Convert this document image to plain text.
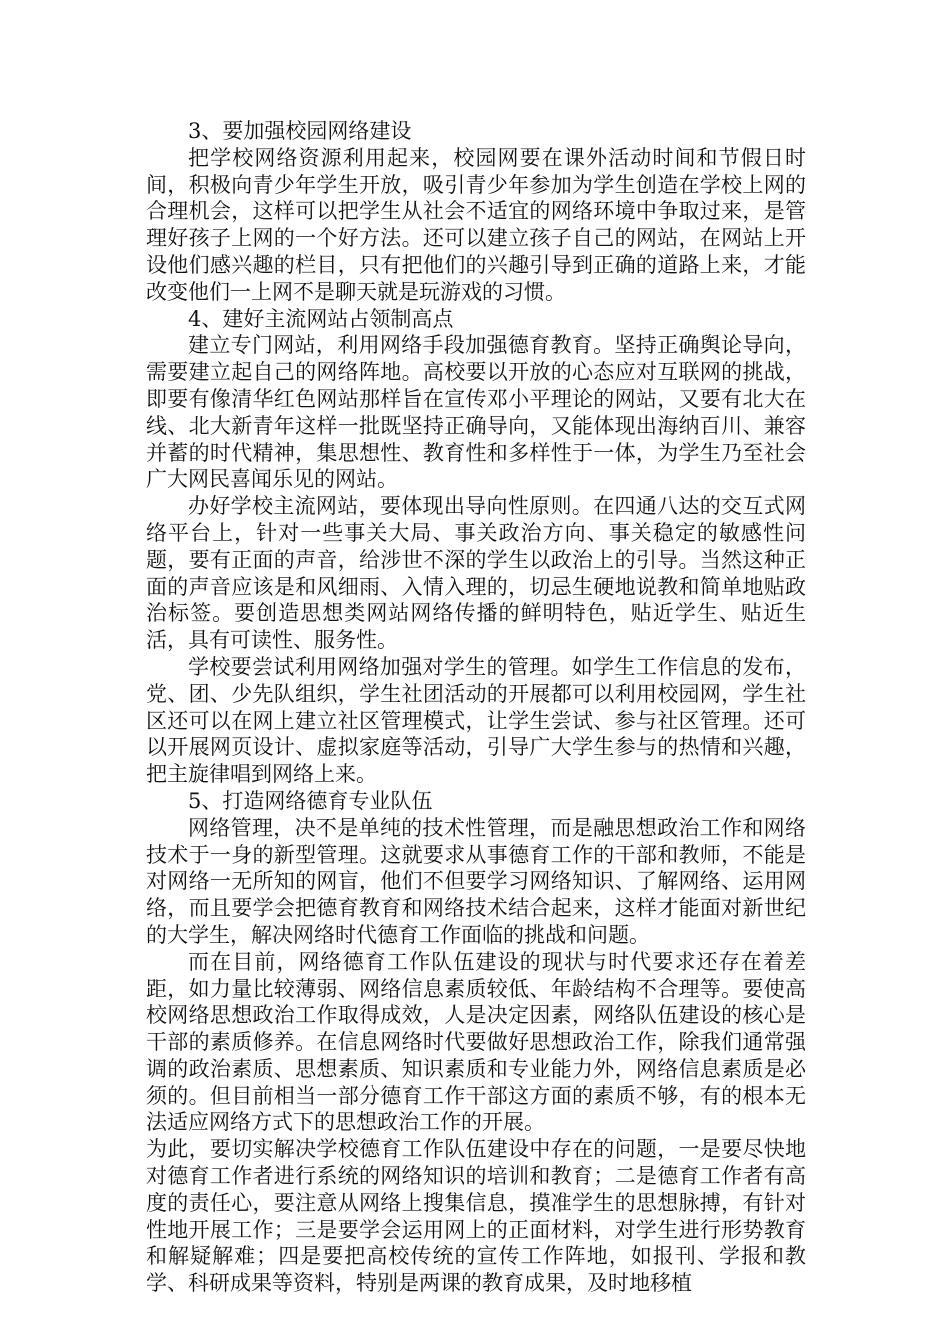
3、要加强校园网络建设

把学校网络资源利用起来，校园网要在课外活动时间和节假日时间，积极向青少年学生开放，吸引青少年参加为学生创造在学校上网的合理机会，这样可以把学生从社会不适宜的网络环境中争取过来，是管理好孩子上网的一个好方法。还可以建立孩子自己的网站，在网站上开设他们感兴趣的栏目，只有把他们的兴趣引导到正确的道路上来，才能改变他们一上网不是聊天就是玩游戏的习惯。

4、建好主流网站占领制高点

建立专门网站，利用网络手段加强德育教育。坚持正确舆论导向，需要建立起自己的网络阵地。高校要以开放的心态应对互联网的挑战，即要有像清华红色网站那样旨在宣传邓小平理论的网站，又要有北大在线、北大新青年这样一批既坚持正确导向，又能体现出海纳百川、兼容并蓄的时代精神，集思想性、教育性和多样性于一体，为学生乃至社会广大网民喜闻乐见的网站。

办好学校主流网站，要体现出导向性原则。在四通八达的交互式网络平台上，针对一些事关大局、事关政治方向、事关稳定的敏感性问题，要有正面的声音，给涉世不深的学生以政治上的引导。当然这种正面的声音应该是和风细雨、入情入理的，切忌生硬地说教和简单地贴政治标签。要创造思想类网站网络传播的鲜明特色，贴近学生、贴近生活，具有可读性、服务性。

学校要尝试利用网络加强对学生的管理。如学生工作信息的发布，党、团、少先队组织，学生社团活动的开展都可以利用校园网，学生社区还可以在网上建立社区管理模式，让学生尝试、参与社区管理。还可以开展网页设计、虚拟家庭等活动，引导广大学生参与的热情和兴趣，把主旋律唱到网络上来。

5、打造网络德育专业队伍

网络管理，决不是单纯的技术性管理，而是融思想政治工作和网络技术于一身的新型管理。这就要求从事德育工作的干部和教师，不能是对网络一无所知的网盲，他们不但要学习网络知识、了解网络、运用网络，而且要学会把德育教育和网络技术结合起来，这样才能面对新世纪的大学生，解决网络时代德育工作面临的挑战和问题。

而在目前，网络德育工作队伍建设的现状与时代要求还存在着差距，如力量比较薄弱、网络信息素质较低、年龄结构不合理等。要使高校网络思想政治工作取得成效，人是决定因素，网络队伍建设的核心是干部的素质修养。在信息网络时代要做好思想政治工作，除我们通常强调的政治素质、思想素质、知识素质和专业能力外，网络信息素质是必须的。但目前相当一部分德育工作干部这方面的素质不够，有的根本无法适应网络方式下的思想政治工作的开展。

为此，要切实解决学校德育工作队伍建设中存在的问题，一是要尽快地对德育工作者进行系统的网络知识的培训和教育；二是德育工作者有高度的责任心，要注意从网络上搜集信息，摸准学生的思想脉搏，有针对性地开展工作；三是要学会运用网上的正面材料，对学生进行形势教育和解疑解难；四是要把高校传统的宣传工作阵地，如报刊、学报和教学、科研成果等资料，特别是两课的教育成果，及时地移植
